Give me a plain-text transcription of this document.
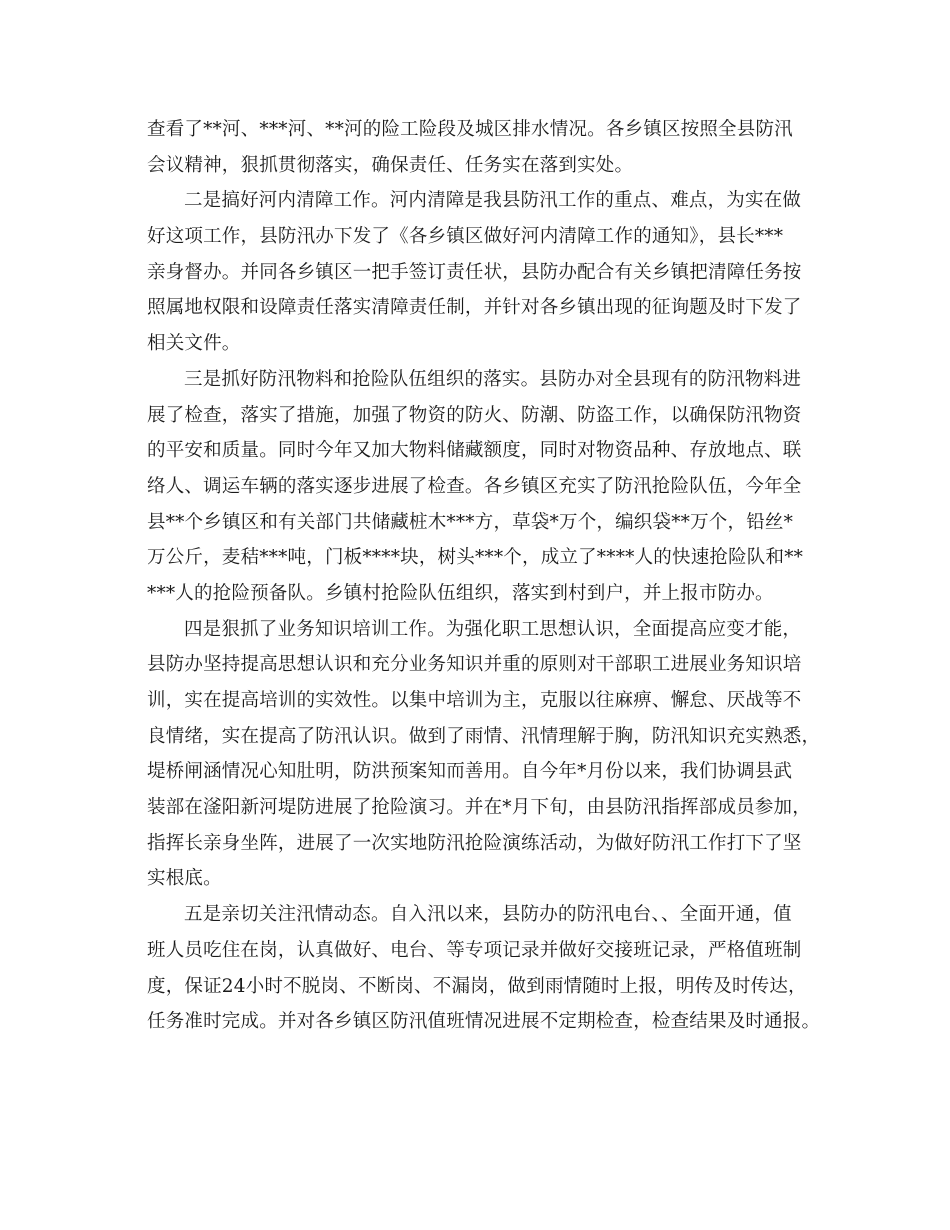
查看了**河、***河、**河的险工险段及城区排水情况。各乡镇区按照全县防汛
会议精神，狠抓贯彻落实，确保责任、任务实在落到实处。
二是搞好河内清障工作。河内清障是我县防汛工作的重点、难点，为实在做
好这项工作，县防汛办下发了《各乡镇区做好河内清障工作的通知》，县长***
亲身督办。并同各乡镇区一把手签订责任状，县防办配合有关乡镇把清障任务按
照属地权限和设障责任落实清障责任制，并针对各乡镇出现的征询题及时下发了
相关文件。
三是抓好防汛物料和抢险队伍组织的落实。县防办对全县现有的防汛物料进
展了检查，落实了措施，加强了物资的防火、防潮、防盗工作，以确保防汛物资
的平安和质量。同时今年又加大物料储藏额度，同时对物资品种、存放地点、联
络人、调运车辆的落实逐步进展了检查。各乡镇区充实了防汛抢险队伍，今年全
县**个乡镇区和有关部门共储藏桩木***方，草袋*万个，编织袋**万个，铅丝*
万公斤，麦秸***吨，门板****块，树头***个，成立了****人的快速抢险队和**
***人的抢险预备队。乡镇村抢险队伍组织，落实到村到户，并上报市防办。
四是狠抓了业务知识培训工作。为强化职工思想认识，全面提高应变才能，
县防办坚持提高思想认识和充分业务知识并重的原则对干部职工进展业务知识培
训，实在提高培训的实效性。以集中培训为主，克服以往麻痹、懈怠、厌战等不
良情绪，实在提高了防汛认识。做到了雨情、汛情理解于胸，防汛知识充实熟悉，
堤桥闸涵情况心知肚明，防洪预案知而善用。自今年*月份以来，我们协调县武
装部在滏阳新河堤防进展了抢险演习。并在*月下旬，由县防汛指挥部成员参加，
指挥长亲身坐阵，进展了一次实地防汛抢险演练活动，为做好防汛工作打下了坚
实根底。
五是亲切关注汛情动态。自入汛以来，县防办的防汛电台、、全面开通，值
班人员吃住在岗，认真做好、电台、等专项记录并做好交接班记录，严格值班制
度，保证24小时不脱岗、不断岗、不漏岗，做到雨情随时上报，明传及时传达，
任务准时完成。并对各乡镇区防汛值班情况进展不定期检查，检查结果及时通报。
